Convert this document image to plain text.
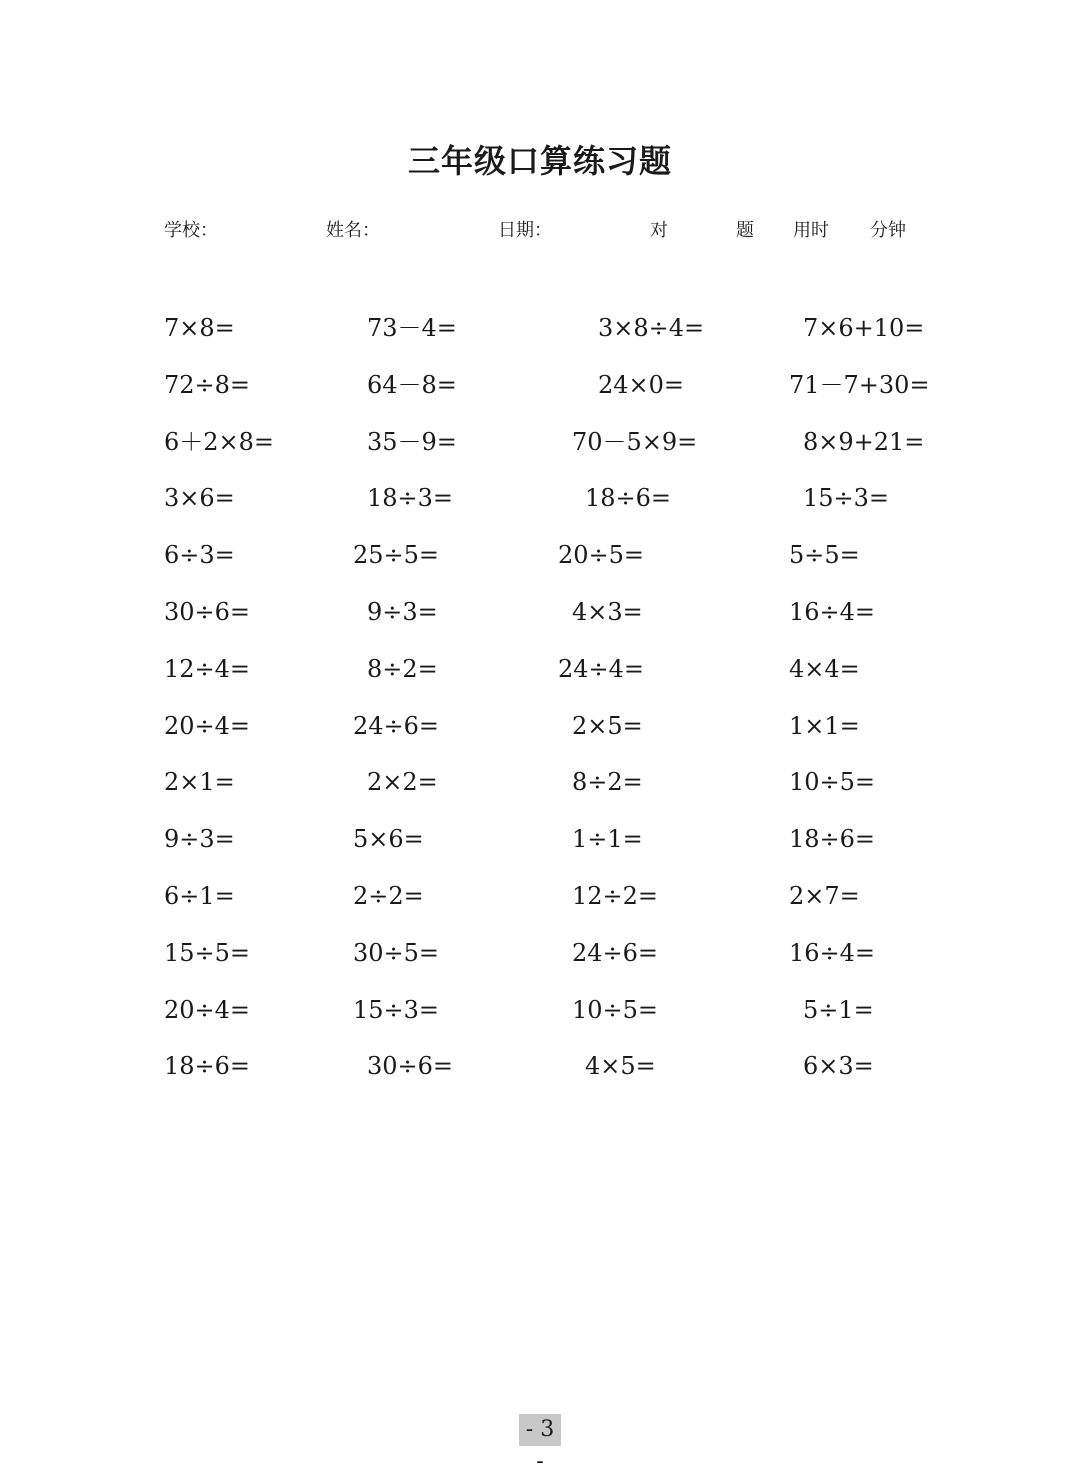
三年级口算练习题
学校：	姓名：	日期：	对	题 用时 分钟
7×8=	73－4=	3×8÷4=	7×6+10=
72÷8=	64－8=	24×0=	71－7+30=
6＋2×8=	35－9=	70－5×9=	8×9+21=
3×6=	18÷3=	18÷6=	15÷3=
6÷3=	25÷5=	20÷5=	5÷5=
30÷6=	9÷3=	4×3=	16÷4=
12÷4=	8÷2=	24÷4=	4×4=
20÷4=	24÷6=	2×5=	1×1=
2×1=	2×2=	8÷2=	10÷5=
9÷3=	5×6=	1÷1=	18÷6=
6÷1=	2÷2=	12÷2=	2×7=
15÷5=	30÷5=	24÷6=	16÷4=
20÷4=	15÷3=	10÷5=	5÷1=
18÷6=	30÷6=	4×5=	6×3=
- 3 -
